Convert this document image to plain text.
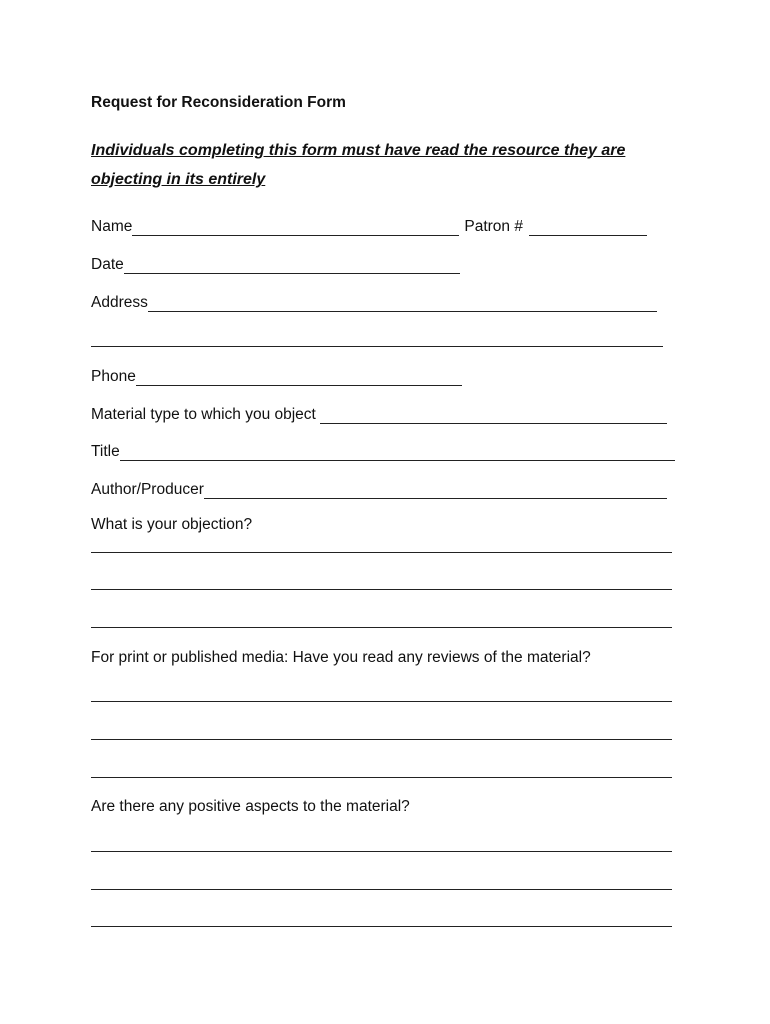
Request for Reconsideration Form
Individuals completing this form must have read the resource they are
objecting in its entirely
Name	Patron #
Date
Address
Phone
Material type to which you object
Title
Author/Producer
What is your objection?
For print or published media: Have you read any reviews of the material?
Are there any positive aspects to the material?
